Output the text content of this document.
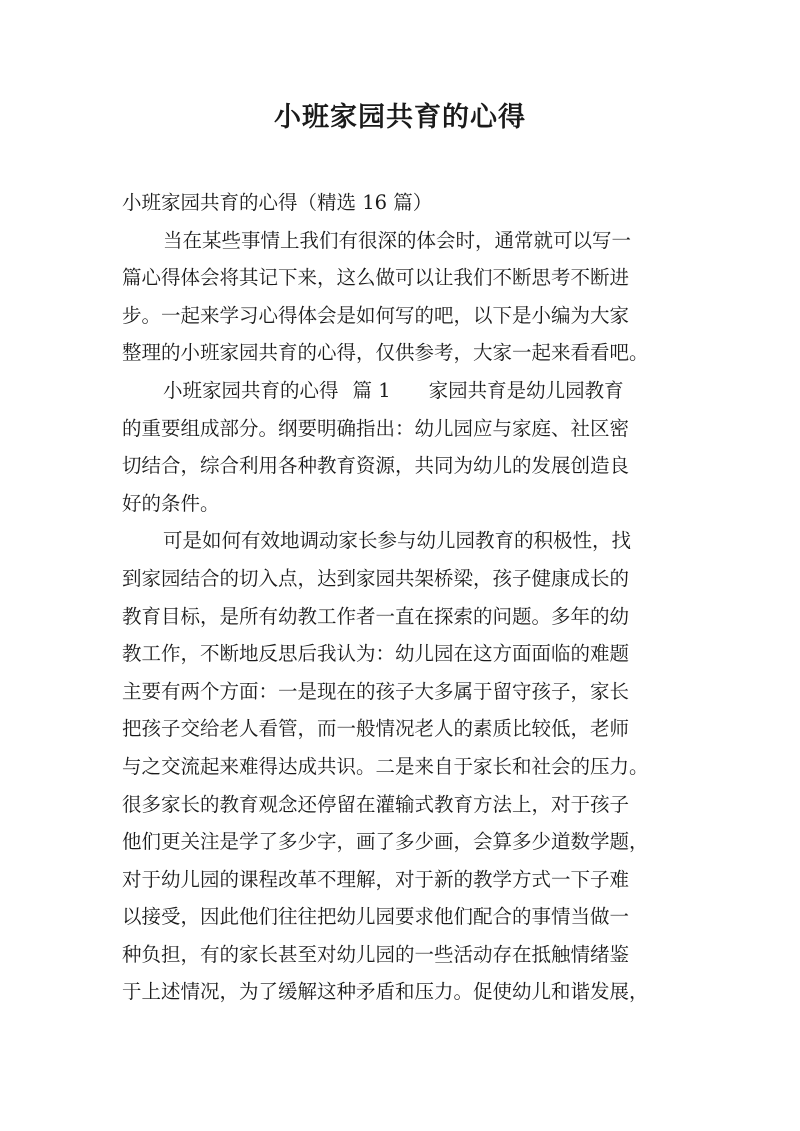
小班家园共育的心得
小班家园共育的心得（精选 16 篇）
当在某些事情上我们有很深的体会时，通常就可以写一
篇心得体会将其记下来，这么做可以让我们不断思考不断进
步。一起来学习心得体会是如何写的吧，以下是小编为大家
整理的小班家园共育的心得，仅供参考，大家一起来看看吧。
小班家园共育的心得 篇 1 家园共育是幼儿园教育
的重要组成部分。纲要明确指出：幼儿园应与家庭、社区密
切结合，综合利用各种教育资源，共同为幼儿的发展创造良
好的条件。
可是如何有效地调动家长参与幼儿园教育的积极性，找
到家园结合的切入点，达到家园共架桥梁，孩子健康成长的
教育目标，是所有幼教工作者一直在探索的问题。多年的幼
教工作，不断地反思后我认为：幼儿园在这方面面临的难题
主要有两个方面：一是现在的孩子大多属于留守孩子，家长
把孩子交给老人看管，而一般情况老人的素质比较低，老师
与之交流起来难得达成共识。二是来自于家长和社会的压力。
很多家长的教育观念还停留在灌输式教育方法上，对于孩子
他们更关注是学了多少字，画了多少画，会算多少道数学题，
对于幼儿园的课程改革不理解，对于新的教学方式一下子难
以接受，因此他们往往把幼儿园要求他们配合的事情当做一
种负担，有的家长甚至对幼儿园的一些活动存在抵触情绪鉴
于上述情况，为了缓解这种矛盾和压力。促使幼儿和谐发展，
